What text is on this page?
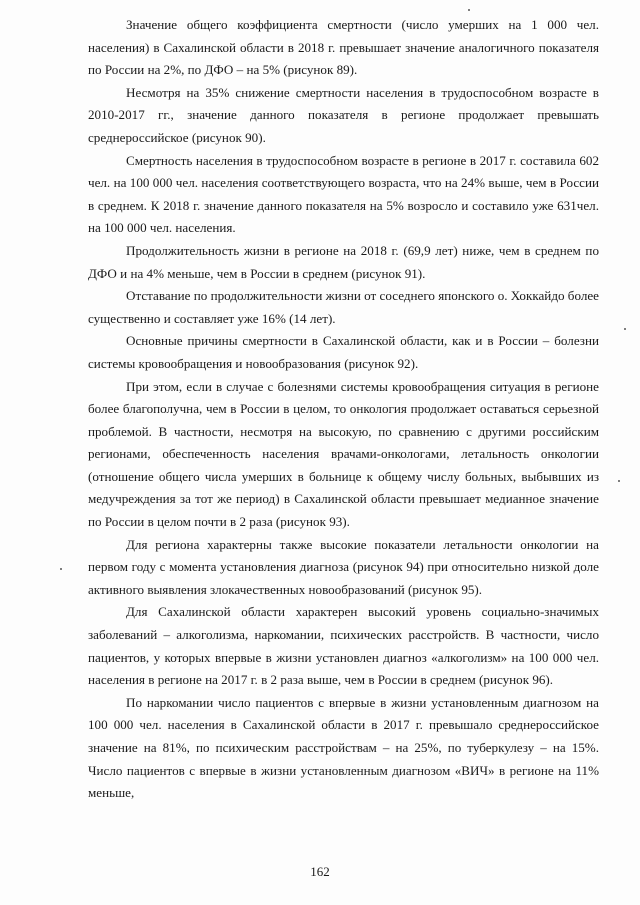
Значение общего коэффициента смертности (число умерших на 1 000 чел. населения) в Сахалинской области в 2018 г. превышает значение аналогичного показателя по России на 2%, по ДФО – на 5% (рисунок 89).

Несмотря на 35% снижение смертности населения в трудоспособном возрасте в 2010-2017 гг., значение данного показателя в регионе продолжает превышать среднероссийское (рисунок 90).

Смертность населения в трудоспособном возрасте в регионе в 2017 г. составила 602 чел. на 100 000 чел. населения соответствующего возраста, что на 24% выше, чем в России в среднем. К 2018 г. значение данного показателя на 5% возросло и составило уже 631чел. на 100 000 чел. населения.

Продолжительность жизни в регионе на 2018 г. (69,9 лет) ниже, чем в среднем по ДФО и на 4% меньше, чем в России в среднем (рисунок 91).

Отставание по продолжительности жизни от соседнего японского о. Хоккайдо более существенно и составляет уже 16% (14 лет).

Основные причины смертности в Сахалинской области, как и в России – болезни системы кровообращения и новообразования (рисунок 92).

При этом, если в случае с болезнями системы кровообращения ситуация в регионе более благополучна, чем в России в целом, то онкология продолжает оставаться серьезной проблемой. В частности, несмотря на высокую, по сравнению с другими российским регионами, обеспеченность населения врачами-онкологами, летальность онкологии (отношение общего числа умерших в больнице к общему числу больных, выбывших из медучреждения за тот же период) в Сахалинской области превышает медианное значение по России в целом почти в 2 раза (рисунок 93).

Для региона характерны также высокие показатели летальности онкологии на первом году с момента установления диагноза (рисунок 94) при относительно низкой доле активного выявления злокачественных новообразований (рисунок 95).

Для Сахалинской области характерен высокий уровень социально-значимых заболеваний – алкоголизма, наркомании, психических расстройств. В частности, число пациентов, у которых впервые в жизни установлен диагноз «алкоголизм» на 100 000 чел. населения в регионе на 2017 г. в 2 раза выше, чем в России в среднем (рисунок 96).

По наркомании число пациентов с впервые в жизни установленным диагнозом на 100 000 чел. населения в Сахалинской области в 2017 г. превышало среднероссийское значение на 81%, по психическим расстройствам – на 25%, по туберкулезу – на 15%. Число пациентов с впервые в жизни установленным диагнозом «ВИЧ» в регионе на 11% меньше,

162
